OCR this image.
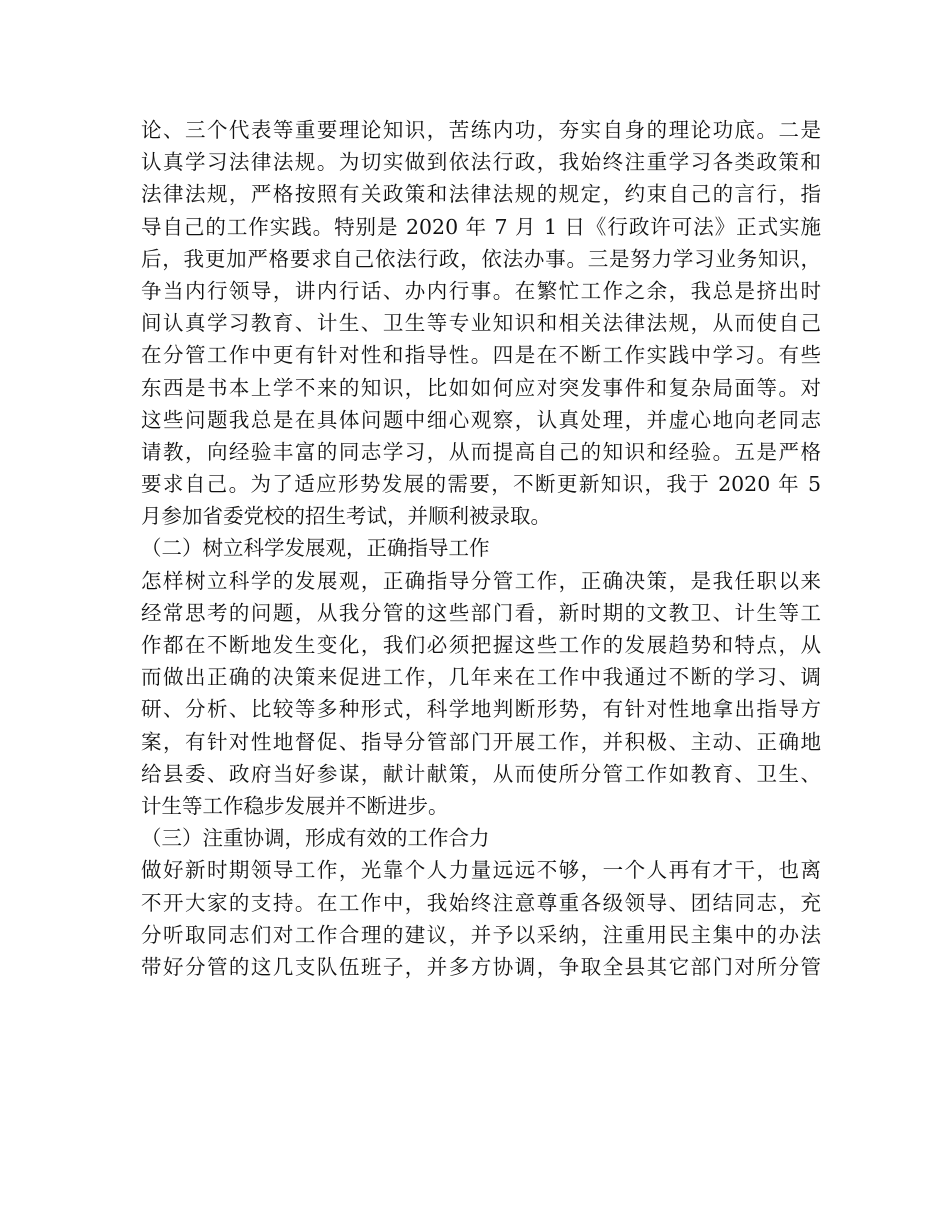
论、三个代表等重要理论知识，苦练内功，夯实自身的理论功底。二是
认真学习法律法规。为切实做到依法行政，我始终注重学习各类政策和
法律法规，严格按照有关政策和法律法规的规定，约束自己的言行，指
导自己的工作实践。特别是 2020 年 7 月 1 日《行政许可法》正式实施
后，我更加严格要求自己依法行政，依法办事。三是努力学习业务知识，
争当内行领导，讲内行话、办内行事。在繁忙工作之余，我总是挤出时
间认真学习教育、计生、卫生等专业知识和相关法律法规，从而使自己
在分管工作中更有针对性和指导性。四是在不断工作实践中学习。有些
东西是书本上学不来的知识，比如如何应对突发事件和复杂局面等。对
这些问题我总是在具体问题中细心观察，认真处理，并虚心地向老同志
请教，向经验丰富的同志学习，从而提高自己的知识和经验。五是严格
要求自己。为了适应形势发展的需要，不断更新知识，我于 2020 年 5
月参加省委党校的招生考试，并顺利被录取。
（二）树立科学发展观，正确指导工作
怎样树立科学的发展观，正确指导分管工作，正确决策，是我任职以来
经常思考的问题，从我分管的这些部门看，新时期的文教卫、计生等工
作都在不断地发生变化，我们必须把握这些工作的发展趋势和特点，从
而做出正确的决策来促进工作，几年来在工作中我通过不断的学习、调
研、分析、比较等多种形式，科学地判断形势，有针对性地拿出指导方
案，有针对性地督促、指导分管部门开展工作，并积极、主动、正确地
给县委、政府当好参谋，献计献策，从而使所分管工作如教育、卫生、
计生等工作稳步发展并不断进步。
（三）注重协调，形成有效的工作合力
做好新时期领导工作，光靠个人力量远远不够，一个人再有才干，也离
不开大家的支持。在工作中，我始终注意尊重各级领导、团结同志，充
分听取同志们对工作合理的建议，并予以采纳，注重用民主集中的办法
带好分管的这几支队伍班子，并多方协调，争取全县其它部门对所分管
